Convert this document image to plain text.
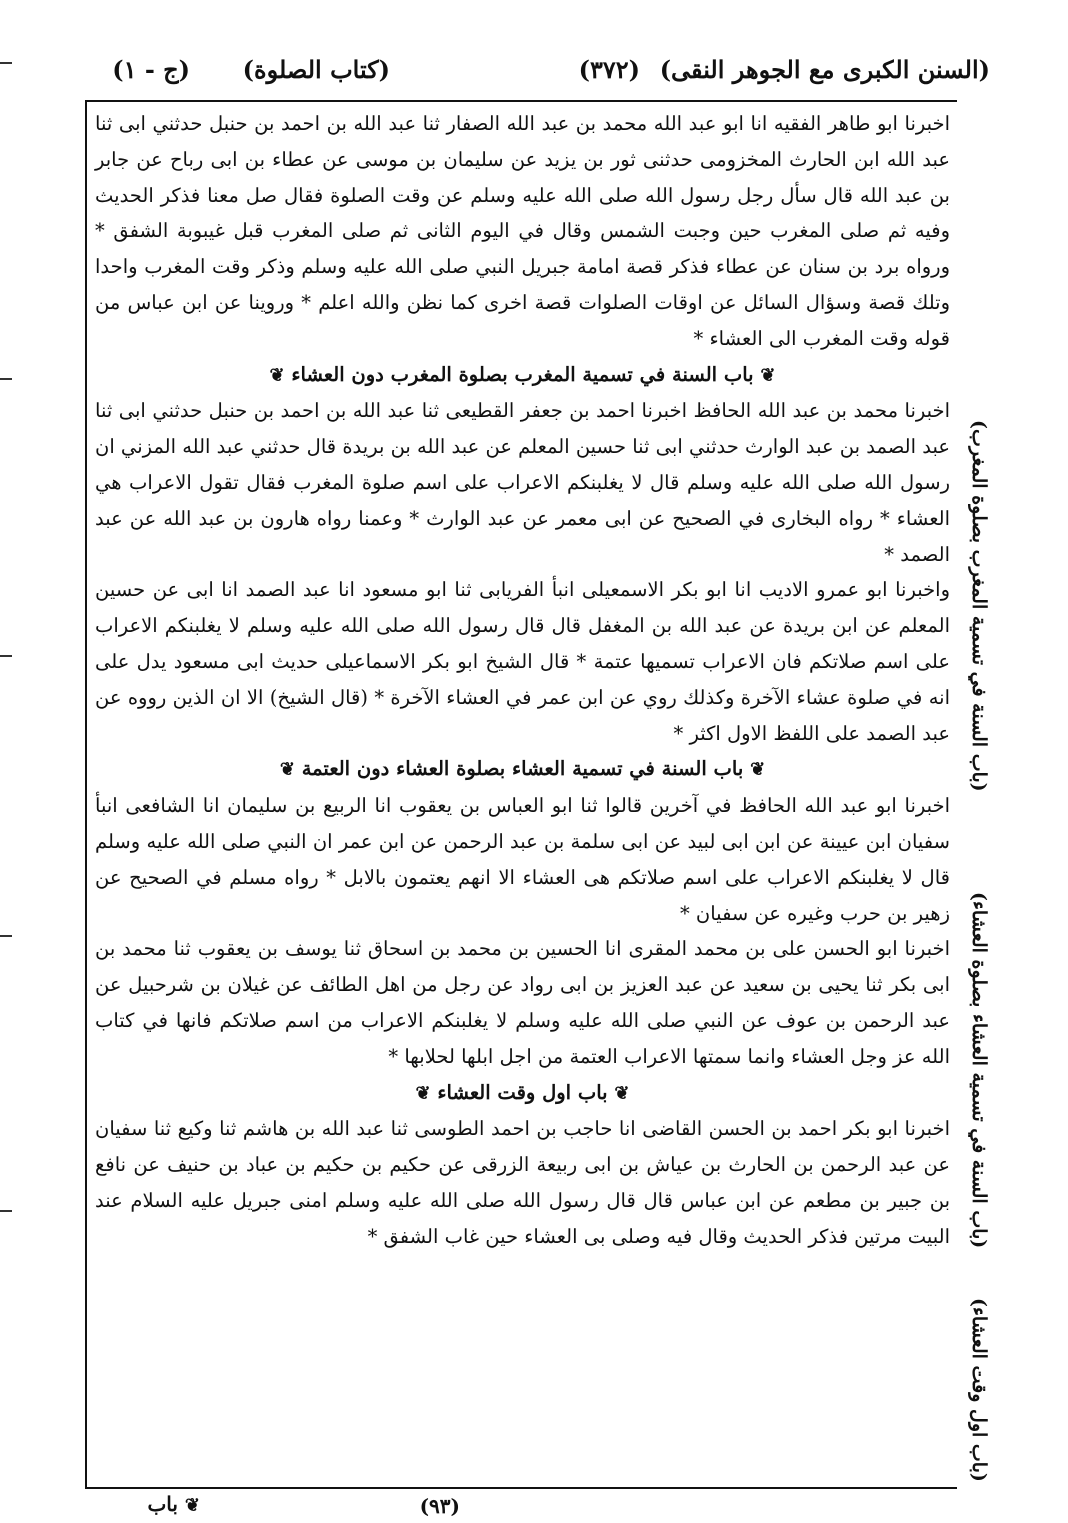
(السنن الكبرى مع الجوهر النقى)
(٣٧٢)
(كتاب الصلوة)
(ج - ١)

اخبرنا ابو طاهر الفقيه انا ابو عبد الله محمد بن عبد الله الصفار ثنا عبد الله بن احمد بن حنبل حدثني ابى ثنا عبد الله ابن الحارث المخزومى حدثنى ثور بن يزيد عن سليمان بن موسى عن عطاء بن ابى رباح عن جابر بن عبد الله قال سأل رجل رسول الله صلى الله عليه وسلم عن وقت الصلوة فقال صل معنا فذكر الحديث وفيه ثم صلى المغرب حين وجبت الشمس وقال في اليوم الثانى ثم صلى المغرب قبل غيبوبة الشفق * ورواه برد بن سنان عن عطاء فذكر قصة امامة جبريل النبي صلى الله عليه وسلم وذكر وقت المغرب واحدا وتلك قصة وسؤال السائل عن اوقات الصلوات قصة اخرى كما نظن والله اعلم * وروينا عن ابن عباس من قوله وقت المغرب الى العشاء *

❦ باب السنة في تسمية المغرب بصلوة المغرب دون العشاء ❦

اخبرنا محمد بن عبد الله الحافظ اخبرنا احمد بن جعفر القطيعى ثنا عبد الله بن احمد بن حنبل حدثني ابى ثنا عبد الصمد بن عبد الوارث حدثني ابى ثنا حسين المعلم عن عبد الله بن بريدة قال حدثني عبد الله المزني ان رسول الله صلى الله عليه وسلم قال لا يغلبنكم الاعراب على اسم صلوة المغرب فقال تقول الاعراب هي العشاء * رواه البخارى في الصحيح عن ابى معمر عن عبد الوارث * وعمنا رواه هارون بن عبد الله عن عبد الصمد *

واخبرنا ابو عمرو الاديب انا ابو بكر الاسمعيلى انبأ الفريابى ثنا ابو مسعود انا عبد الصمد انا ابى عن حسين المعلم عن ابن بريدة عن عبد الله بن المغفل قال قال رسول الله صلى الله عليه وسلم لا يغلبنكم الاعراب على اسم صلاتكم فان الاعراب تسميها عتمة * قال الشيخ ابو بكر الاسماعيلى حديث ابى مسعود يدل على انه في صلوة عشاء الآخرة وكذلك روي عن ابن عمر في العشاء الآخرة * (قال الشيخ) الا ان الذين رووه عن عبد الصمد على اللفظ الاول اكثر *

❦ باب السنة في تسمية العشاء بصلوة العشاء دون العتمة ❦

اخبرنا ابو عبد الله الحافظ في آخرين قالوا ثنا ابو العباس بن يعقوب انا الربيع بن سليمان انا الشافعى انبأ سفيان ابن عيينة عن ابن ابى لبيد عن ابى سلمة بن عبد الرحمن عن ابن عمر ان النبي صلى الله عليه وسلم قال لا يغلبنكم الاعراب على اسم صلاتكم هى العشاء الا انهم يعتمون بالابل * رواه مسلم في الصحيح عن زهير بن حرب وغيره عن سفيان *

اخبرنا ابو الحسن على بن محمد المقرى انا الحسين بن محمد بن اسحاق ثنا يوسف بن يعقوب ثنا محمد بن ابى بكر ثنا يحيى بن سعيد عن عبد العزيز بن ابى رواد عن رجل من اهل الطائف عن غيلان بن شرحبيل عن عبد الرحمن بن عوف عن النبي صلى الله عليه وسلم لا يغلبنكم الاعراب من اسم صلاتكم فانها في كتاب الله عز وجل العشاء وانما سمتها الاعراب العتمة من اجل ابلها لحلابها *

❦ باب اول وقت العشاء ❦

اخبرنا ابو بكر احمد بن الحسن القاضى انا حاجب بن احمد الطوسى ثنا عبد الله بن هاشم ثنا وكيع ثنا سفيان عن عبد الرحمن بن الحارث بن عياش بن ابى ربيعة الزرقى عن حكيم بن حكيم بن عباد بن حنيف عن نافع بن جبير بن مطعم عن ابن عباس قال قال رسول الله صلى الله عليه وسلم امنى جبريل عليه السلام عند البيت مرتين فذكر الحديث وقال فيه وصلى بى العشاء حين غاب الشفق *

(باب السنة في تسمية المغرب بصلوة المغرب)
(باب السنة في تسمية العشاء بصلوة العشاء)
(باب اول وقت العشاء)
❦ باب	(٩٣)
